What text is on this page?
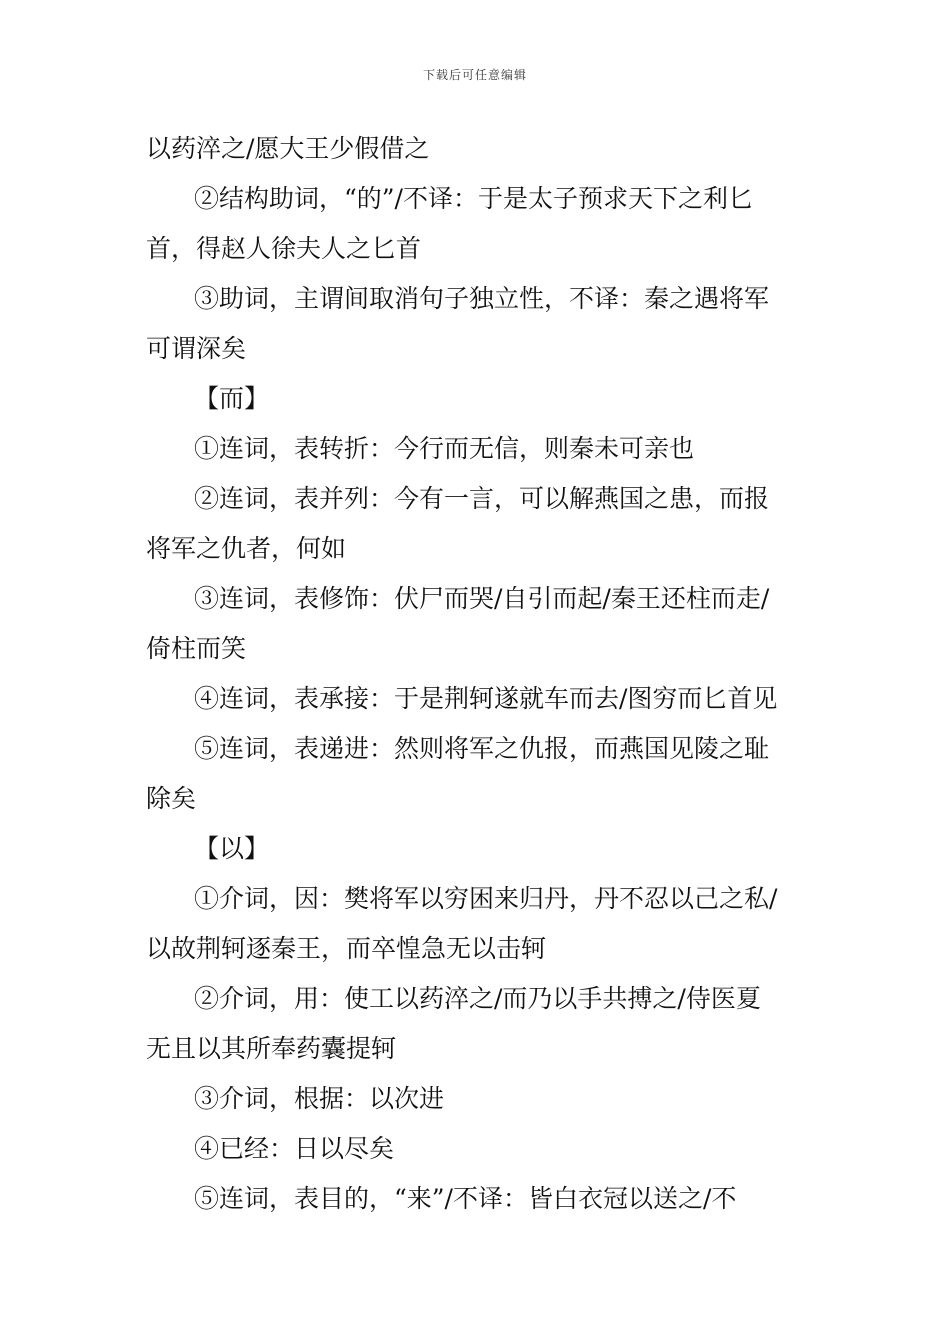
下载后可任意编辑
以药淬之/愿大王少假借之
②结构助词，“的”/不译：于是太子预求天下之利匕
首，得赵人徐夫人之匕首
③助词，主谓间取消句子独立性，不译：秦之遇将军
可谓深矣
【而】
①连词，表转折：今行而无信，则秦未可亲也
②连词，表并列：今有一言，可以解燕国之患，而报
将军之仇者，何如
③连词，表修饰：伏尸而哭/自引而起/秦王还柱而走/
倚柱而笑
④连词，表承接：于是荆轲遂就车而去/图穷而匕首见
⑤连词，表递进：然则将军之仇报，而燕国见陵之耻
除矣
【以】
①介词，因：樊将军以穷困来归丹，丹不忍以己之私/
以故荆轲逐秦王，而卒惶急无以击轲
②介词，用：使工以药淬之/而乃以手共搏之/侍医夏
无且以其所奉药囊提轲
③介词，根据：以次进
④已经：日以尽矣
⑤连词，表目的，“来”/不译：皆白衣冠以送之/不
